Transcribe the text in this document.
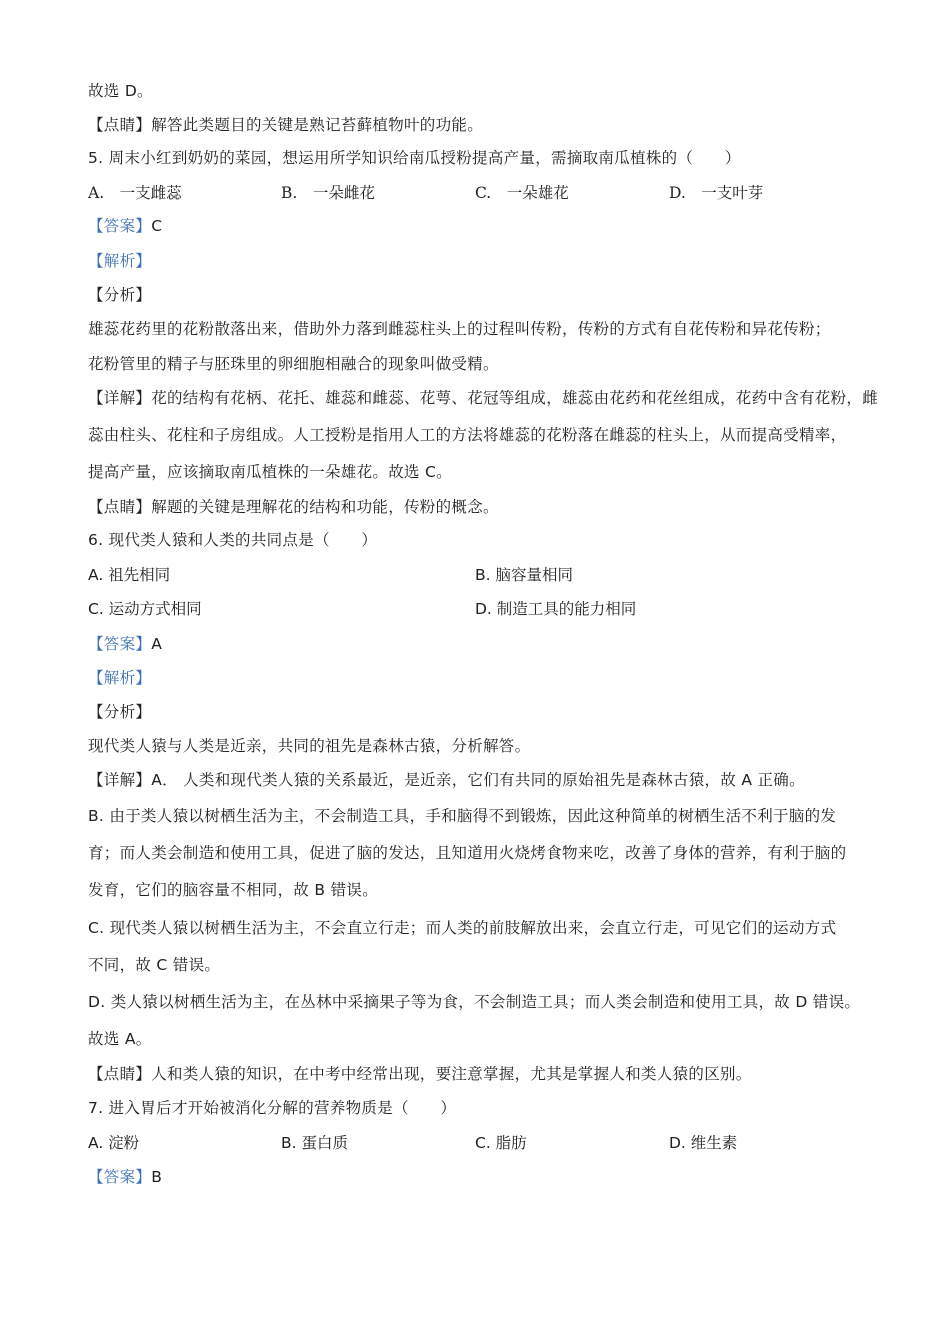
故选 D。
【点睛】解答此类题目的关键是熟记苔藓植物叶的功能。
5. 周末小红到奶奶的菜园，想运用所学知识给南瓜授粉提高产量，需摘取南瓜植株的（　　）
A.　一支雌蕊	B.　一朵雌花	C.　一朵雄花	D.　一支叶芽
【答案】C
【解析】
【分析】
雄蕊花药里的花粉散落出来，借助外力落到雌蕊柱头上的过程叫传粉，传粉的方式有自花传粉和异花传粉；
花粉管里的精子与胚珠里的卵细胞相融合的现象叫做受精。
【详解】花的结构有花柄、花托、雄蕊和雌蕊、花萼、花冠等组成，雄蕊由花药和花丝组成，花药中含有花粉，雌
蕊由柱头、花柱和子房组成。人工授粉是指用人工的方法将雄蕊的花粉落在雌蕊的柱头上，从而提高受精率，
提高产量，应该摘取南瓜植株的一朵雄花。故选 C。
【点睛】解题的关键是理解花的结构和功能，传粉的概念。
6. 现代类人猿和人类的共同点是（　　）
A. 祖先相同	B. 脑容量相同
C. 运动方式相同	D. 制造工具的能力相同
【答案】A
【解析】
【分析】
现代类人猿与人类是近亲，共同的祖先是森林古猿，分析解答。
【详解】A． 人类和现代类人猿的关系最近，是近亲，它们有共同的原始祖先是森林古猿，故 A 正确。
B. 由于类人猿以树栖生活为主，不会制造工具，手和脑得不到锻炼，因此这种简单的树栖生活不利于脑的发
育；而人类会制造和使用工具，促进了脑的发达，且知道用火烧烤食物来吃，改善了身体的营养，有利于脑的
发育，它们的脑容量不相同，故 B 错误。
C. 现代类人猿以树栖生活为主，不会直立行走；而人类的前肢解放出来，会直立行走，可见它们的运动方式
不同，故 C 错误。
D. 类人猿以树栖生活为主，在丛林中采摘果子等为食，不会制造工具；而人类会制造和使用工具，故 D 错误。
故选 A。
【点睛】人和类人猿的知识，在中考中经常出现，要注意掌握，尤其是掌握人和类人猿的区别。
7. 进入胃后才开始被消化分解的营养物质是（　　）
A. 淀粉	B. 蛋白质	C. 脂肪	D. 维生素
【答案】B
